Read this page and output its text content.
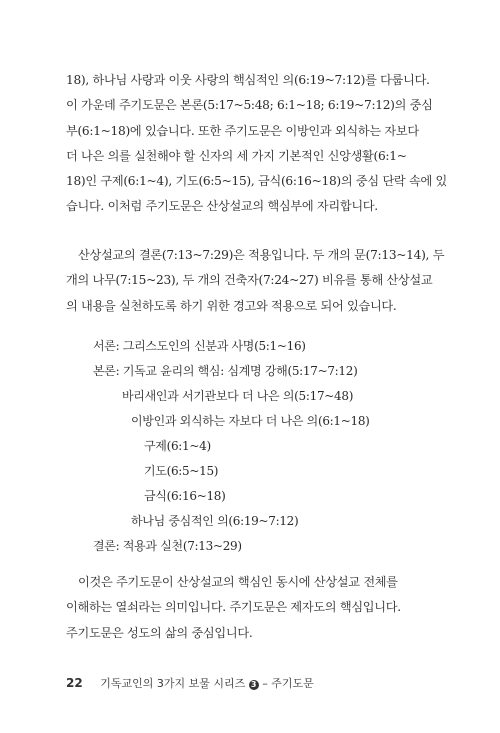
18), 하나님 사랑과 이웃 사랑의 핵심적인 의(6:19~7:12)를 다룹니다.
이 가운데 주기도문은 본론(5:17~5:48; 6:1~18; 6:19~7:12)의 중심
부(6:1~18)에 있습니다. 또한 주기도문은 이방인과 외식하는 자보다
더 나은 의를 실천해야 할 신자의 세 가지 기본적인 신앙생활(6:1~
18)인 구제(6:1~4), 기도(6:5~15), 금식(6:16~18)의 중심 단락 속에 있
습니다. 이처럼 주기도문은 산상설교의 핵심부에 자리합니다.

산상설교의 결론(7:13~7:29)은 적용입니다. 두 개의 문(7:13~14), 두
개의 나무(7:15~23), 두 개의 건축자(7:24~27) 비유를 통해 산상설교
의 내용을 실천하도록 하기 위한 경고와 적용으로 되어 있습니다.

서론: 그리스도인의 신분과 사명(5:1~16)
본론: 기독교 윤리의 핵심: 심계명 강해(5:17~7:12)
바리새인과 서기관보다 더 나은 의(5:17~48)
이방인과 외식하는 자보다 더 나은 의(6:1~18)
구제(6:1~4)
기도(6:5~15)
금식(6:16~18)
하나님 중심적인 의(6:19~7:12)
결론: 적용과 실천(7:13~29)

이것은 주기도문이 산상설교의 핵심인 동시에 산상설교 전체를
이해하는 열쇠라는 의미입니다. 주기도문은 제자도의 핵심입니다.
주기도문은 성도의 삶의 중심입니다.

22 기독교인의 3가지 보물 시리즈 3 – 주기도문
